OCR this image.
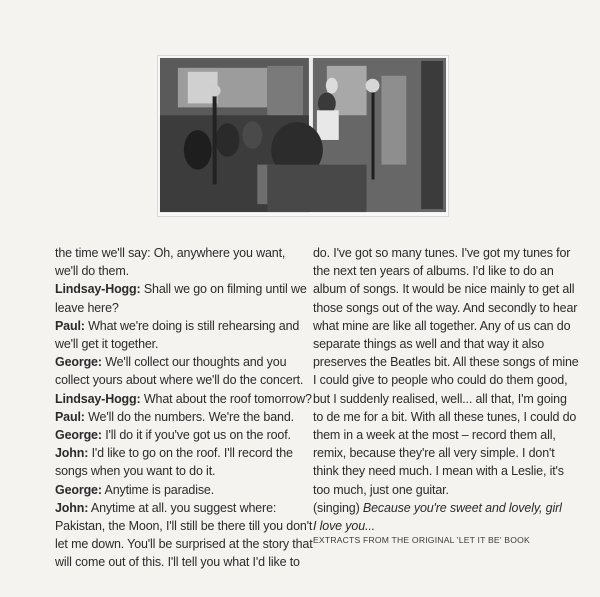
the time we'll say: Oh, anywhere you want,
we'll do them.
Lindsay-Hogg: Shall we go on filming until we
leave here?
Paul: What we're doing is still rehearsing and
we'll get it together.
George: We'll collect our thoughts and you
collect yours about where we'll do the concert.
Lindsay-Hogg: What about the roof tomorrow?
Paul: We'll do the numbers. We're the band.
George: I'll do it if you've got us on the roof.
John: I'd like to go on the roof. I'll record the
songs when you want to do it.
George: Anytime is paradise.
John: Anytime at all. you suggest where:
Pakistan, the Moon, I'll still be there till you don't
let me down. You'll be surprised at the story that
will come out of this. I'll tell you what I'd like to
do. I've got so many tunes. I've got my tunes for
the next ten years of albums. I'd like to do an
album of songs. It would be nice mainly to get all
those songs out of the way. And secondly to hear
what mine are like all together. Any of us can do
separate things as well and that way it also
preserves the Beatles bit. All these songs of mine
I could give to people who could do them good,
but I suddenly realised, well... all that, I'm going
to de me for a bit. With all these tunes, I could do
them in a week at the most – record them all,
remix, because they're all very simple. I don't
think they need much. I mean with a Leslie, it's
too much, just one guitar.
(singing) Because you're sweet and lovely, girl
I love you...
EXTRACTS FROM THE ORIGINAL 'LET IT BE' BOOK
